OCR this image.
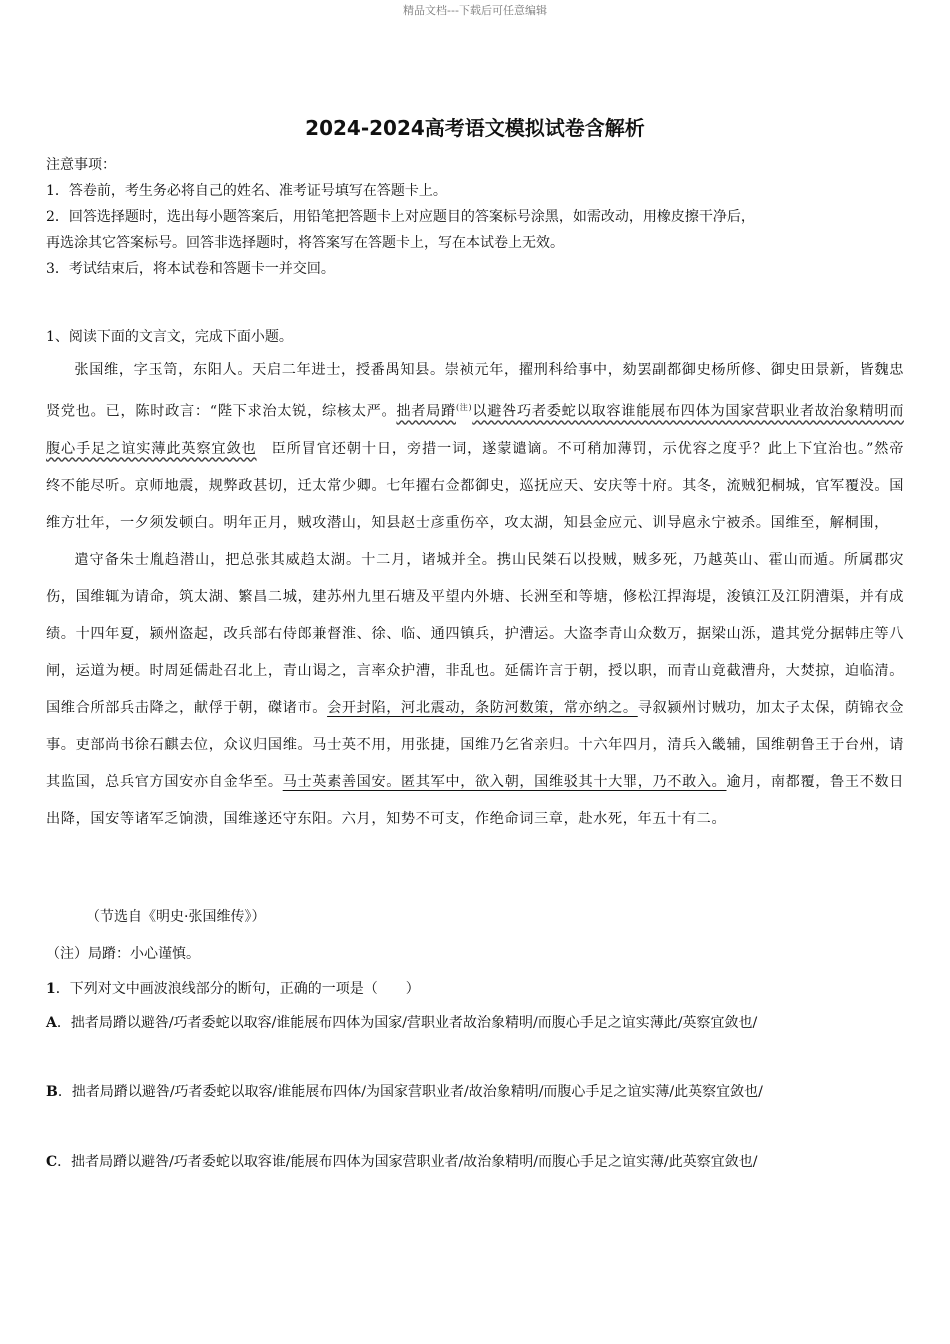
精品文档---下载后可任意编辑
2024-2024高考语文模拟试卷含解析
注意事项：
1．答卷前，考生务必将自己的姓名、准考证号填写在答题卡上。
2．回答选择题时，选出每小题答案后，用铅笔把答题卡上对应题目的答案标号涂黑，如需改动，用橡皮擦干净后，
再选涂其它答案标号。回答非选择题时，将答案写在答题卡上，写在本试卷上无效。
3．考试结束后，将本试卷和答题卡一并交回。
1、阅读下面的文言文，完成下面小题。

张国维，字玉笥，东阳人。天启二年进士，授番禺知县。崇祯元年，擢刑科给事中，劾罢副都御史杨所修、御史田景新，皆魏忠贤党也。已，陈时政言：“陛下求治太锐，综核太严。拙者局蹐$^{(注)}$以避咎巧者委蛇以取容谁能展布四体为国家营职业者故治象精明而腹心手足之谊实薄此英察宜敛也　臣所冒官还朝十日，旁措一词，遂蒙谴谪。不可稍加薄罚，示优容之度乎？此上下宜治也。”然帝终不能尽听。京师地震，规弊政甚切，迁太常少卿。七年擢右佥都御史，巡抚应天、安庆等十府。其冬，流贼犯桐城，官军覆没。国维方壮年，一夕须发顿白。明年正月，贼攻潜山，知县赵士彦重伤卒，攻太湖，知县金应元、训导扈永宁被杀。国维至，解桐围，

遣守备朱士胤趋潜山，把总张其威趋太湖。十二月，诸城并全。携山民桀石以投贼，贼多死，乃越英山、霍山而遁。所属郡灾伤，国维辄为请命，筑太湖、繁昌二城，建苏州九里石塘及平望内外塘、长洲至和等塘，修松江捍海堤，浚镇江及江阴漕渠，并有成绩。十四年夏，颍州盗起，改兵部右侍郎兼督淮、徐、临、通四镇兵，护漕运。大盗李青山众数万，据梁山泺，遣其党分据韩庄等八闸，运道为梗。时周延儒赴召北上，青山谒之，言率众护漕，非乱也。延儒许言于朝，授以职，而青山竟截漕舟，大焚掠，迫临清。国维合所部兵击降之，献俘于朝，磔诸市。会开封陷，河北震动，条防河数策，常亦纳之。寻叙颍州讨贼功，加太子太保，荫锦衣佥事。吏部尚书徐石麒去位，众议归国维。马士英不用，用张捷，国维乃乞省亲归。十六年四月，清兵入畿辅，国维朝鲁王于台州，请其监国，总兵官方国安亦自金华至。马士英素善国安。匿其军中，欲入朝，国维驳其十大罪，乃不敢入。逾月，南都覆，鲁王不数日出降，国安等诸军乏饷溃，国维遂还守东阳。六月，知势不可支，作绝命词三章，赴水死，年五十有二。

（节选自《明史·张国维传》）
（注）局蹐：小心谨慎。
1．下列对文中画波浪线部分的断句，正确的一项是（　　）
A．拙者局蹐以避咎/巧者委蛇以取容/谁能展布四体为国家/营职业者故治象精明/而腹心手足之谊实薄此/英察宜敛也/
B．拙者局蹐以避咎/巧者委蛇以取容/谁能展布四体/为国家营职业者/故治象精明/而腹心手足之谊实薄/此英察宜敛也/
C．拙者局蹐以避咎/巧者委蛇以取容谁/能展布四体为国家营职业者/故治象精明/而腹心手足之谊实薄/此英察宜敛也/
